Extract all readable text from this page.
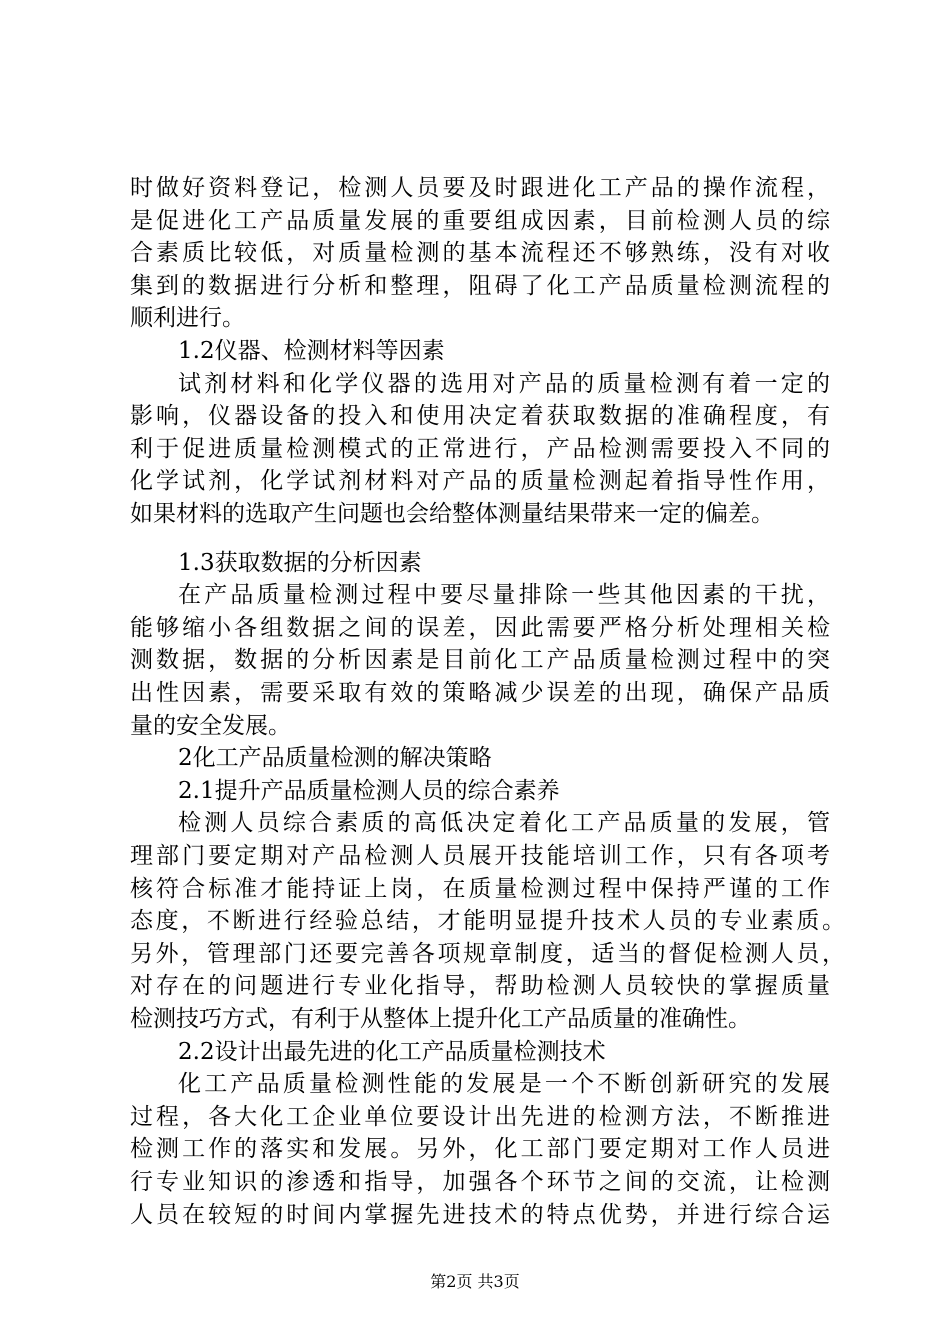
时做好资料登记，检测人员要及时跟进化工产品的操作流程，
是促进化工产品质量发展的重要组成因素，目前检测人员的综
合素质比较低，对质量检测的基本流程还不够熟练，没有对收
集到的数据进行分析和整理，阻碍了化工产品质量检测流程的
顺利进行。
1.2仪器、检测材料等因素
试剂材料和化学仪器的选用对产品的质量检测有着一定的
影响，仪器设备的投入和使用决定着获取数据的准确程度，有
利于促进质量检测模式的正常进行，产品检测需要投入不同的
化学试剂，化学试剂材料对产品的质量检测起着指导性作用，
如果材料的选取产生问题也会给整体测量结果带来一定的偏差。
1.3获取数据的分析因素
在产品质量检测过程中要尽量排除一些其他因素的干扰，
能够缩小各组数据之间的误差，因此需要严格分析处理相关检
测数据，数据的分析因素是目前化工产品质量检测过程中的突
出性因素，需要采取有效的策略减少误差的出现，确保产品质
量的安全发展。
2化工产品质量检测的解决策略
2.1提升产品质量检测人员的综合素养
检测人员综合素质的高低决定着化工产品质量的发展，管
理部门要定期对产品检测人员展开技能培训工作，只有各项考
核符合标准才能持证上岗，在质量检测过程中保持严谨的工作
态度，不断进行经验总结，才能明显提升技术人员的专业素质。
另外，管理部门还要完善各项规章制度，适当的督促检测人员，
对存在的问题进行专业化指导，帮助检测人员较快的掌握质量
检测技巧方式，有利于从整体上提升化工产品质量的准确性。
2.2设计出最先进的化工产品质量检测技术
化工产品质量检测性能的发展是一个不断创新研究的发展
过程，各大化工企业单位要设计出先进的检测方法，不断推进
检测工作的落实和发展。另外，化工部门要定期对工作人员进
行专业知识的渗透和指导，加强各个环节之间的交流，让检测
人员在较短的时间内掌握先进技术的特点优势，并进行综合运
第2页 共3页
